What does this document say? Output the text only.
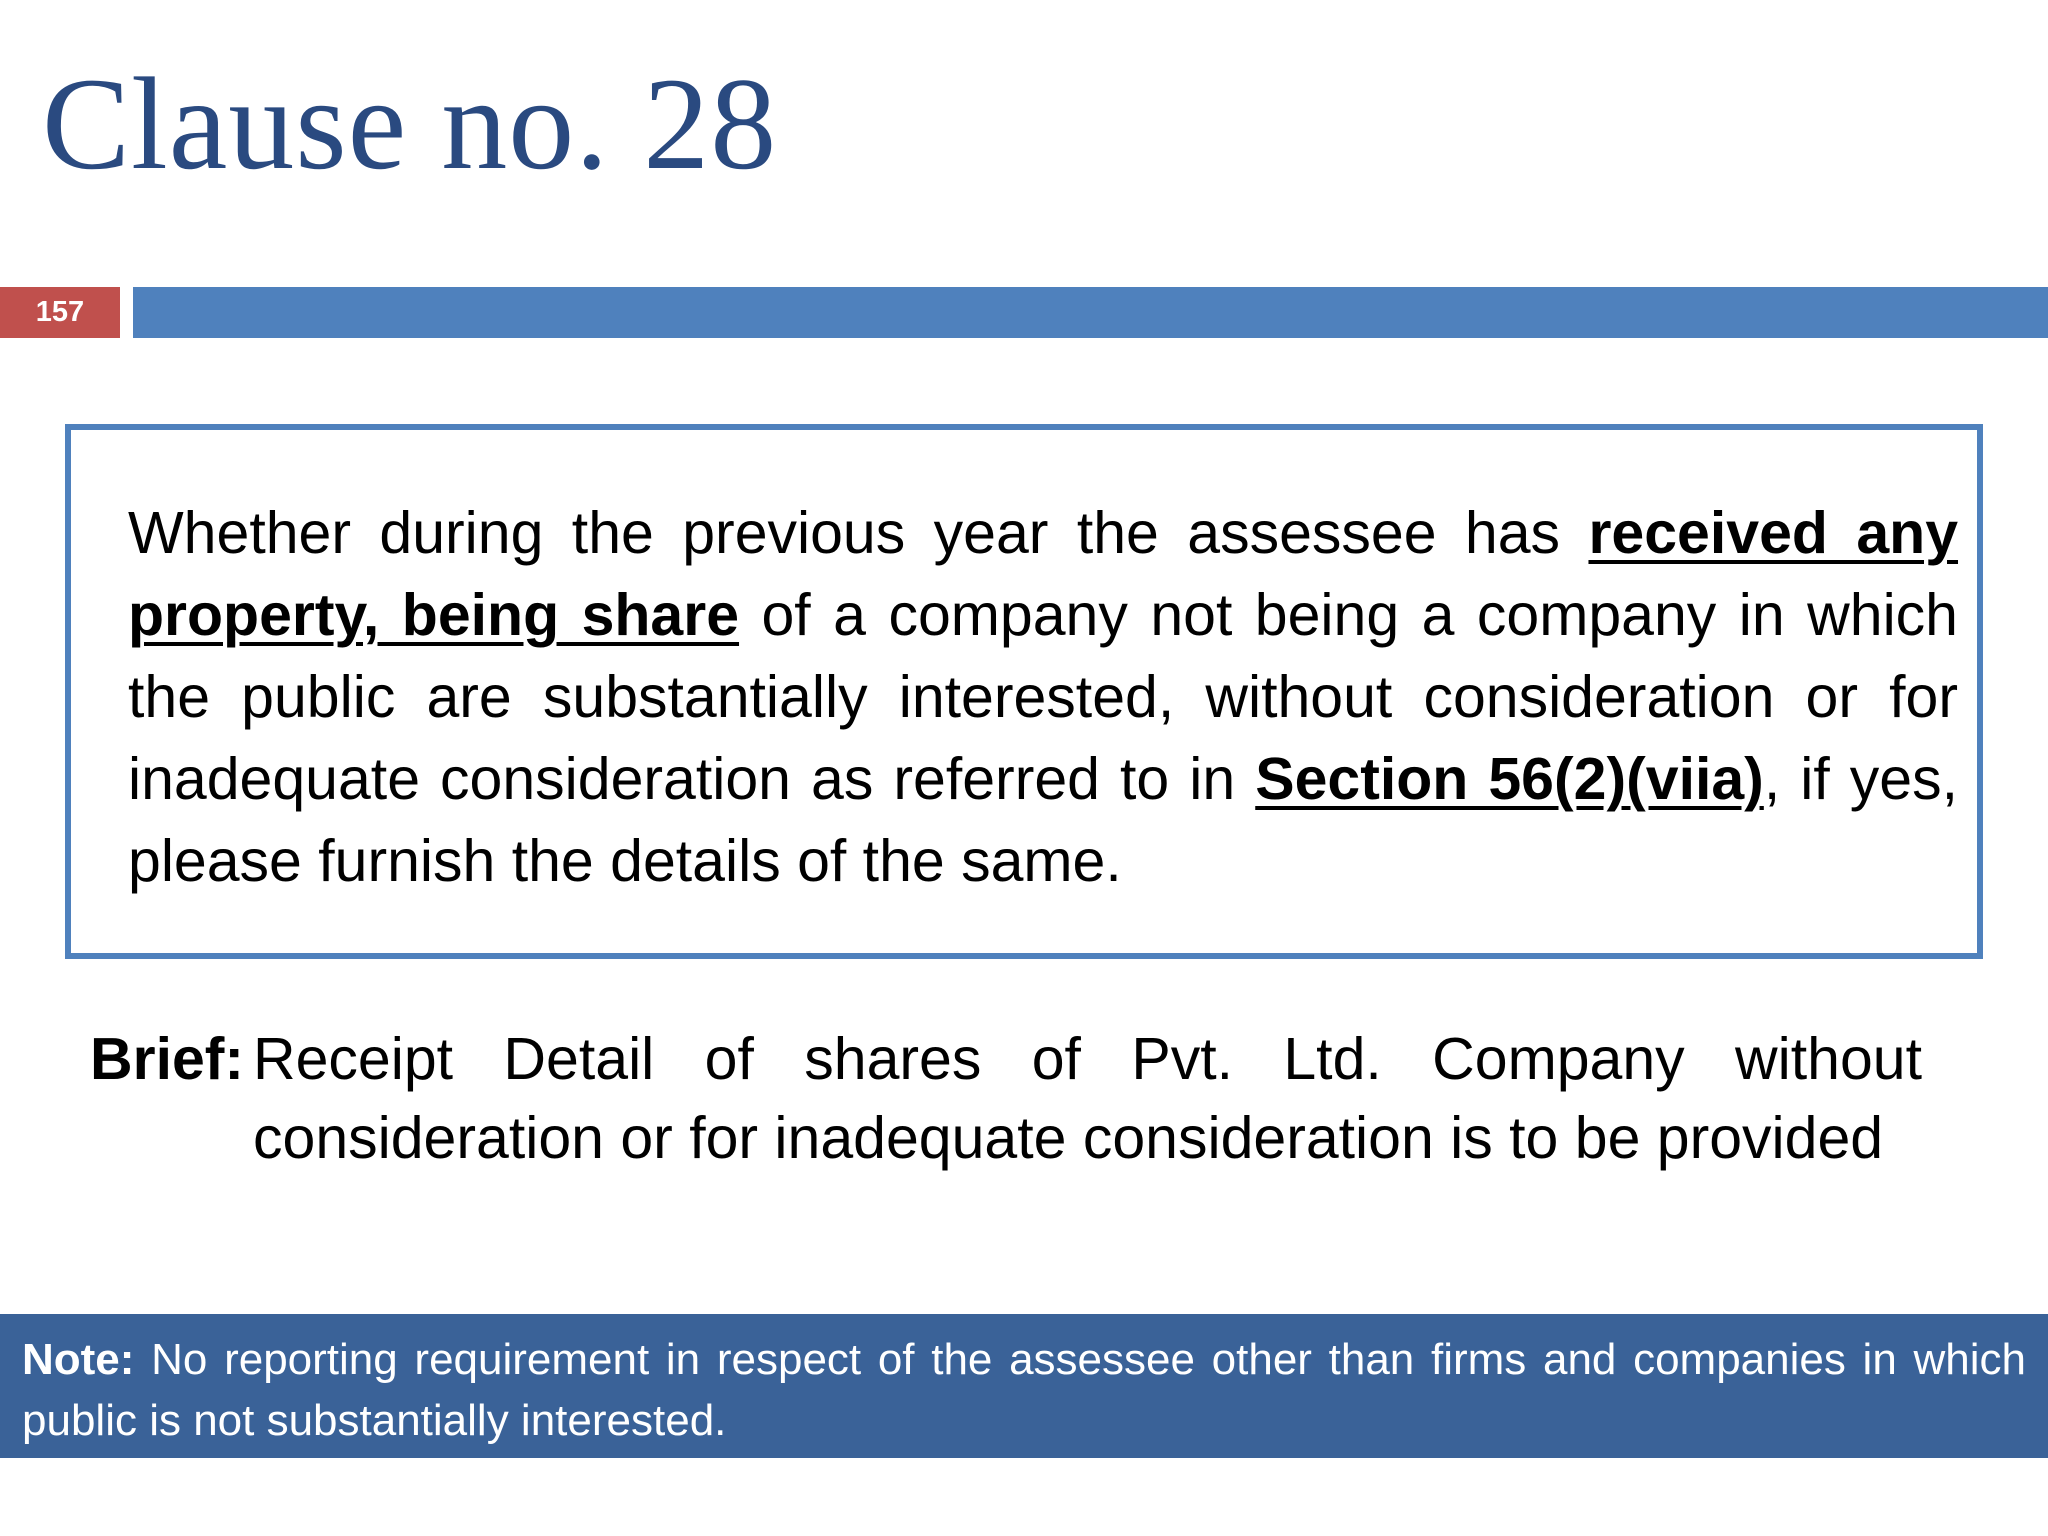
Clause no. 28
157
Whether during the previous year the assessee has received any property, being share of a company not being a company in which the public are substantially interested, without consideration or for inadequate consideration as referred to in Section 56(2)(viia), if yes, please furnish the details of the same.
Brief: Receipt Detail of shares of Pvt. Ltd. Company without consideration or for inadequate consideration is to be provided
Note: No reporting requirement in respect of the assessee other than firms and companies in which public is not substantially interested.
